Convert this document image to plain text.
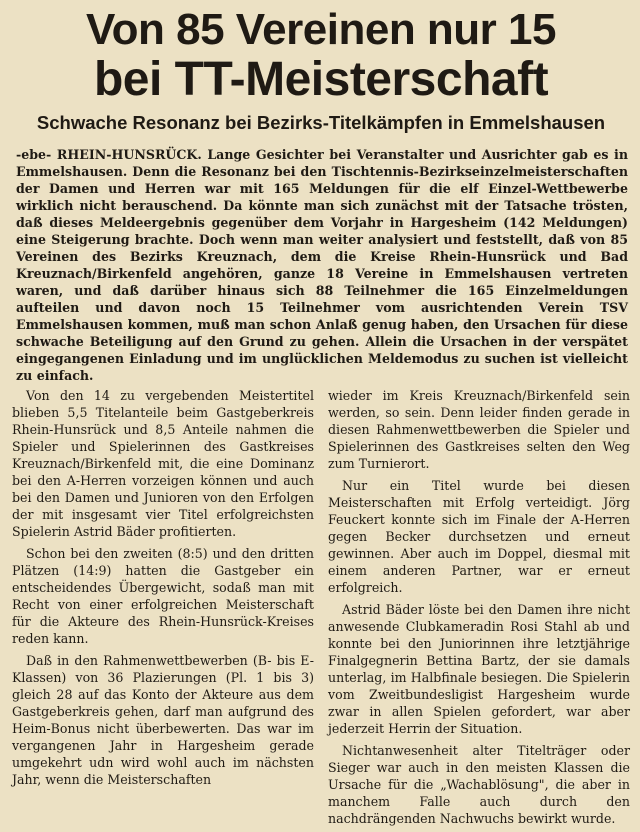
Von 85 Vereinen nur 15
bei TT-Meisterschaft
Schwache Resonanz bei Bezirks-Titelkämpfen in Emmelshausen

-ebe- RHEIN-HUNSRÜCK. Lange Gesichter bei Veranstalter und Ausrichter gab es in Emmelshausen. Denn die Resonanz bei den Tischtennis-Bezirkseinzelmeisterschaften der Damen und Herren war mit 165 Meldungen für die elf Einzel-Wettbewerbe wirklich nicht berauschend. Da könnte man sich zunächst mit der Tatsache trösten, daß dieses Meldeergebnis gegenüber dem Vorjahr in Hargesheim (142 Meldungen) eine Steigerung brachte. Doch wenn man weiter analysiert und feststellt, daß von 85 Vereinen des Bezirks Kreuznach, dem die Kreise Rhein-Hunsrück und Bad Kreuznach/Birkenfeld angehören, ganze 18 Vereine in Emmelshausen vertreten waren, und daß darüber hinaus sich 88 Teilnehmer die 165 Einzelmeldungen aufteilen und davon noch 15 Teilnehmer vom ausrichtenden Verein TSV Emmelshausen kommen, muß man schon Anlaß genug haben, den Ursachen für diese schwache Beteiligung auf den Grund zu gehen. Allein die Ursachen in der verspätet eingegangenen Einladung und im unglücklichen Meldemodus zu suchen ist vielleicht zu einfach.

Von den 14 zu vergebenden Meistertitel blieben 5,5 Titelanteile beim Gastgeberkreis Rhein-Hunsrück und 8,5 Anteile nahmen die Spieler und Spielerinnen des Gastkreises Kreuznach/Birkenfeld mit, die eine Dominanz bei den A-Herren vorzeigen können und auch bei den Damen und Junioren von den Erfolgen der mit insgesamt vier Titel erfolgreichsten Spielerin Astrid Bäder profitierten.

Schon bei den zweiten (8:5) und den dritten Plätzen (14:9) hatten die Gastgeber ein entscheidendes Übergewicht, sodaß man mit Recht von einer erfolgreichen Meisterschaft für die Akteure des Rhein-Hunsrück-Kreises reden kann.

Daß in den Rahmenwettbewerben (B- bis E-Klassen) von 36 Plazierungen (Pl. 1 bis 3) gleich 28 auf das Konto der Akteure aus dem Gastgeberkreis gehen, darf man aufgrund des Heim-Bonus nicht überbewerten. Das war im vergangenen Jahr in Hargesheim gerade umgekehrt udn wird wohl auch im nächsten Jahr, wenn die Meisterschaften

wieder im Kreis Kreuznach/Birkenfeld sein werden, so sein. Denn leider finden gerade in diesen Rahmenwettbewerben die Spieler und Spielerinnen des Gastkreises selten den Weg zum Turnierort.

Nur ein Titel wurde bei diesen Meisterschaften mit Erfolg verteidigt. Jörg Feuckert konnte sich im Finale der A-Herren gegen Becker durchsetzen und erneut gewinnen. Aber auch im Doppel, diesmal mit einem anderen Partner, war er erneut erfolgreich.

Astrid Bäder löste bei den Damen ihre nicht anwesende Clubkameradin Rosi Stahl ab und konnte bei den Juniorinnen ihre letztjährige Finalgegnerin Bettina Bartz, der sie damals unterlag, im Halbfinale besiegen. Die Spielerin vom Zweitbundesligist Hargesheim wurde zwar in allen Spielen gefordert, war aber jederzeit Herrin der Situation.

Nichtanwesenheit alter Titelträger oder Sieger war auch in den meisten Klassen die Ursache für die „Wachablösung", die aber in manchem Falle auch durch den nachdrängenden Nachwuchs bewirkt wurde.
